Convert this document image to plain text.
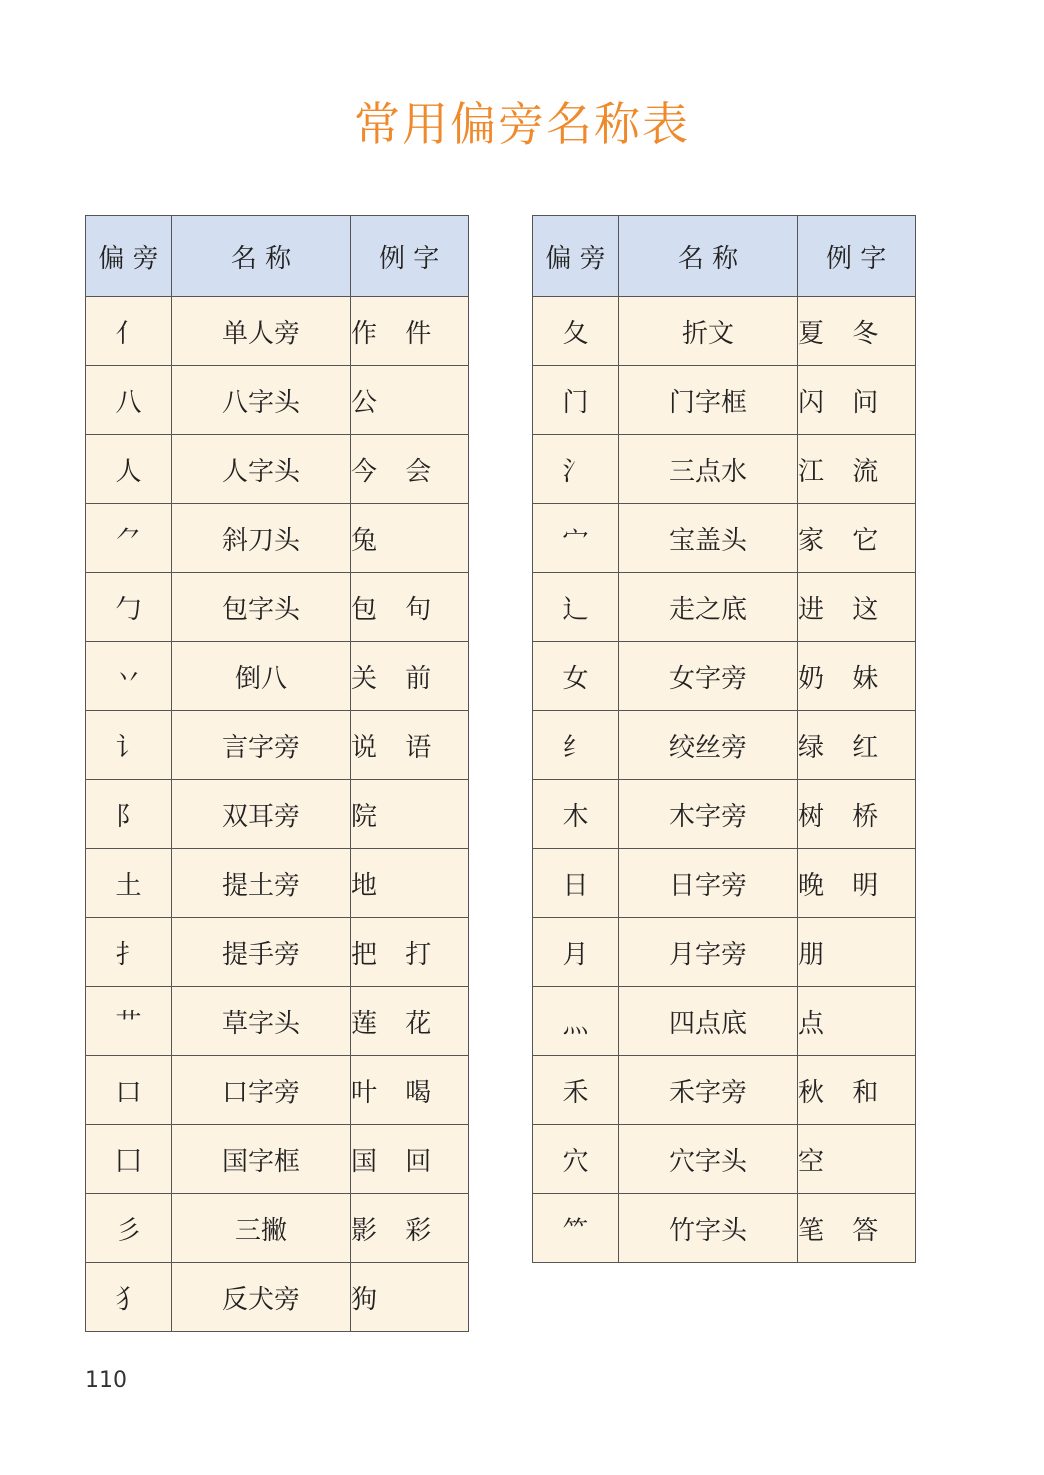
常用偏旁名称表
偏 旁	名 称	例 字
亻	单人旁	作 件
八	八字头	公
人	人字头	今 会
⺈	斜刀头	兔
勹	包字头	包 句
丷	倒八	关 前
讠	言字旁	说 语
阝	双耳旁	院
土	提土旁	地
扌	提手旁	把 打
艹	草字头	莲 花
口	口字旁	叶 喝
囗	国字框	国 回
彡	三撇	影 彩
犭	反犬旁	狗
偏 旁	名 称	例 字
夂	折文	夏 冬
门	门字框	闪 问
氵	三点水	江 流
宀	宝盖头	家 它
辶	走之底	进 这
女	女字旁	奶 妹
纟	绞丝旁	绿 红
木	木字旁	树 桥
日	日字旁	晚 明
月	月字旁	朋
灬	四点底	点
禾	禾字旁	秋 和
穴	穴字头	空
⺮	竹字头	笔 答
110
